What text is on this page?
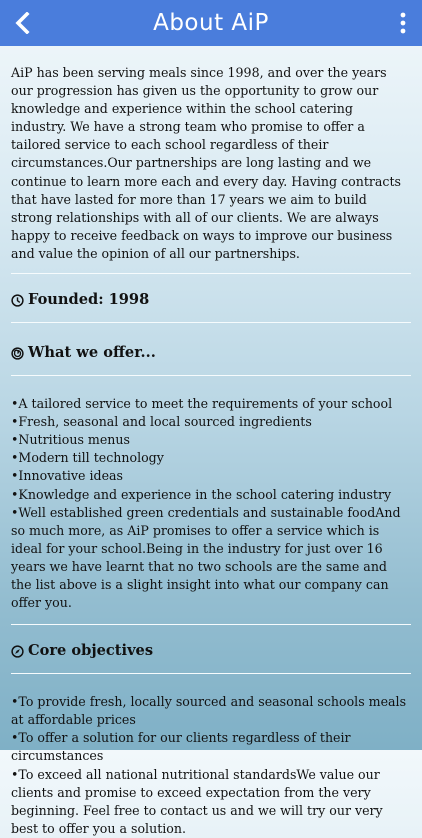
About AiP

AiP has been serving meals since 1998, and over the years our progression has given us the opportunity to grow our knowledge and experience within the school catering industry. We have a strong team who promise to offer a tailored service to each school regardless of their circumstances.Our partnerships are long lasting and we continue to learn more each and every day. Having contracts that have lasted for more than 17 years we aim to build strong relationships with all of our clients. We are always happy to receive feedback on ways to improve our business and value the opinion of all our partnerships.

Founded: 1998
What we offer...
•A tailored service to meet the requirements of your school
•Fresh, seasonal and local sourced ingredients
•Nutritious menus
•Modern till technology
•Innovative ideas
•Knowledge and experience in the school catering industry
•Well established green credentials and sustainable foodAnd so much more, as AiP promises to offer a service which is ideal for your school.Being in the industry for just over 16 years we have learnt that no two schools are the same and the list above is a slight insight into what our company can offer you.
Core objectives
•To provide fresh, locally sourced and seasonal schools meals at affordable prices
•To offer a solution for our clients regardless of their circumstances
•To exceed all national nutritional standardsWe value our clients and promise to exceed expectation from the very beginning. Feel free to contact us and we will try our very best to offer you a solution.
